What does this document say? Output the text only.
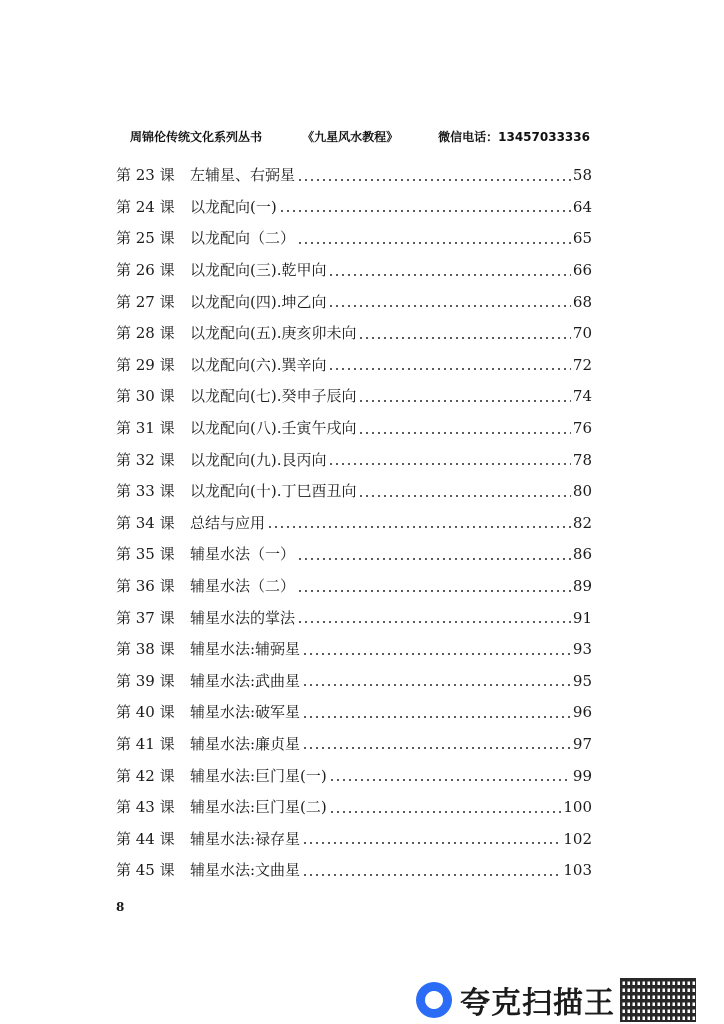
周锦伦传统文化系列丛书	《九星风水教程》	微信电话：13457033336
第 23 课	左辅星、右弼星	58
第 24 课	以龙配向(一)	64
第 25 课	以龙配向（二）	65
第 26 课	以龙配向(三).乾甲向	66
第 27 课	以龙配向(四).坤乙向	68
第 28 课	以龙配向(五).庚亥卯未向	70
第 29 课	以龙配向(六).巽辛向	72
第 30 课	以龙配向(七).癸申子辰向	74
第 31 课	以龙配向(八).壬寅午戌向	76
第 32 课	以龙配向(九).艮丙向	78
第 33 课	以龙配向(十).丁巳酉丑向	80
第 34 课	总结与应用	82
第 35 课	辅星水法（一）	86
第 36 课	辅星水法（二）	89
第 37 课	辅星水法的掌法	91
第 38 课	辅星水法:辅弼星	93
第 39 课	辅星水法:武曲星	95
第 40 课	辅星水法:破军星	96
第 41 课	辅星水法:廉贞星	97
第 42 课	辅星水法:巨门星(一)	99
第 43 课	辅星水法:巨门星(二)	100
第 44 课	辅星水法:禄存星	102
第 45 课	辅星水法:文曲星	103
8
夸克扫描王
